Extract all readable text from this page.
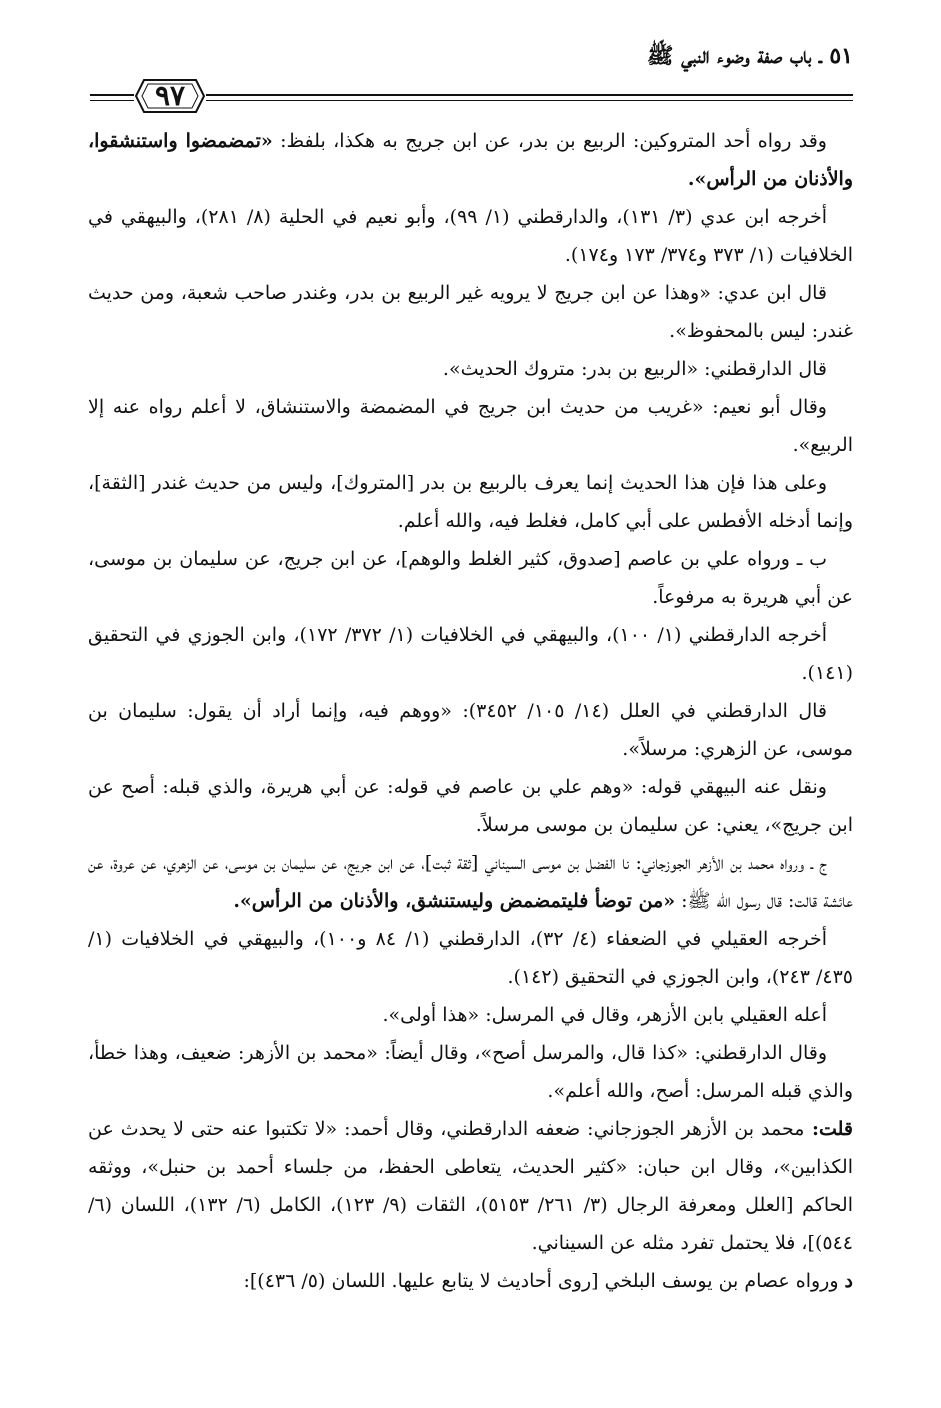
٥١ ـ باب صفة وضوء النبي ﷺ
٩٧

وقد رواه أحد المتروكين: الربيع بن بدر، عن ابن جريج به هكذا، بلفظ: «تمضمضوا واستنشقوا، والأذنان من الرأس».

أخرجه ابن عدي (٣/ ١٣١)، والدارقطني (١/ ٩٩)، وأبو نعيم في الحلية (٨/ ٢٨١)، والبيهقي في الخلافيات (١/ ٣٧٣ و٣٧٤/ ١٧٣ و١٧٤).

قال ابن عدي: «وهذا عن ابن جريج لا يرويه غير الربيع بن بدر، وغندر صاحب شعبة، ومن حديث غندر: ليس بالمحفوظ».

قال الدارقطني: «الربيع بن بدر: متروك الحديث».

وقال أبو نعيم: «غريب من حديث ابن جريج في المضمضة والاستنشاق، لا أعلم رواه عنه إلا الربيع».

وعلى هذا فإن هذا الحديث إنما يعرف بالربيع بن بدر [المتروك]، وليس من حديث غندر [الثقة]، وإنما أدخله الأفطس على أبي كامل، فغلط فيه، والله أعلم.

ب ـ ورواه علي بن عاصم [صدوق، كثير الغلط والوهم]، عن ابن جريج، عن سليمان بن موسى، عن أبي هريرة به مرفوعاً.

أخرجه الدارقطني (١/ ١٠٠)، والبيهقي في الخلافيات (١/ ٣٧٢/ ١٧٢)، وابن الجوزي في التحقيق (١٤١).

قال الدارقطني في العلل (١٤/ ١٠٥/ ٣٤٥٢): «ووهم فيه، وإنما أراد أن يقول: سليمان بن موسى، عن الزهري: مرسلاً».

ونقل عنه البيهقي قوله: «وهم علي بن عاصم في قوله: عن أبي هريرة، والذي قبله: أصح عن ابن جريج»، يعني: عن سليمان بن موسى مرسلاً.

ج ـ ورواه محمد بن الأزهر الجوزجاني: نا الفضل بن موسى السيناني [ثقة ثبت]، عن ابن جريج، عن سليمان بن موسى، عن الزهري، عن عروة، عن عائشة قالت: قال رسول الله ﷺ: «من توضأ فليتمضمض وليستنشق، والأذنان من الرأس».

أخرجه العقيلي في الضعفاء (٤/ ٣٢)، الدارقطني (١/ ٨٤ و١٠٠)، والبيهقي في الخلافيات (١/ ٤٣٥/ ٢٤٣)، وابن الجوزي في التحقيق (١٤٢).

أعله العقيلي بابن الأزهر، وقال في المرسل: «هذا أولى».

وقال الدارقطني: «كذا قال، والمرسل أصح»، وقال أيضاً: «محمد بن الأزهر: ضعيف، وهذا خطأ، والذي قبله المرسل: أصح، والله أعلم».

قلت: محمد بن الأزهر الجوزجاني: ضعفه الدارقطني، وقال أحمد: «لا تكتبوا عنه حتى لا يحدث عن الكذابين»، وقال ابن حبان: «كثير الحديث، يتعاطى الحفظ، من جلساء أحمد بن حنبل»، ووثقه الحاكم [العلل ومعرفة الرجال (٣/ ٢٦١/ ٥١٥٣)، الثقات (٩/ ١٢٣)، الكامل (٦/ ١٣٢)، اللسان (٦/ ٥٤٤)]، فلا يحتمل تفرد مثله عن السيناني.

دورواه عصام بن يوسف البلخي [روى أحاديث لا يتابع عليها. اللسان (٥/ ٤٣٦)]:
